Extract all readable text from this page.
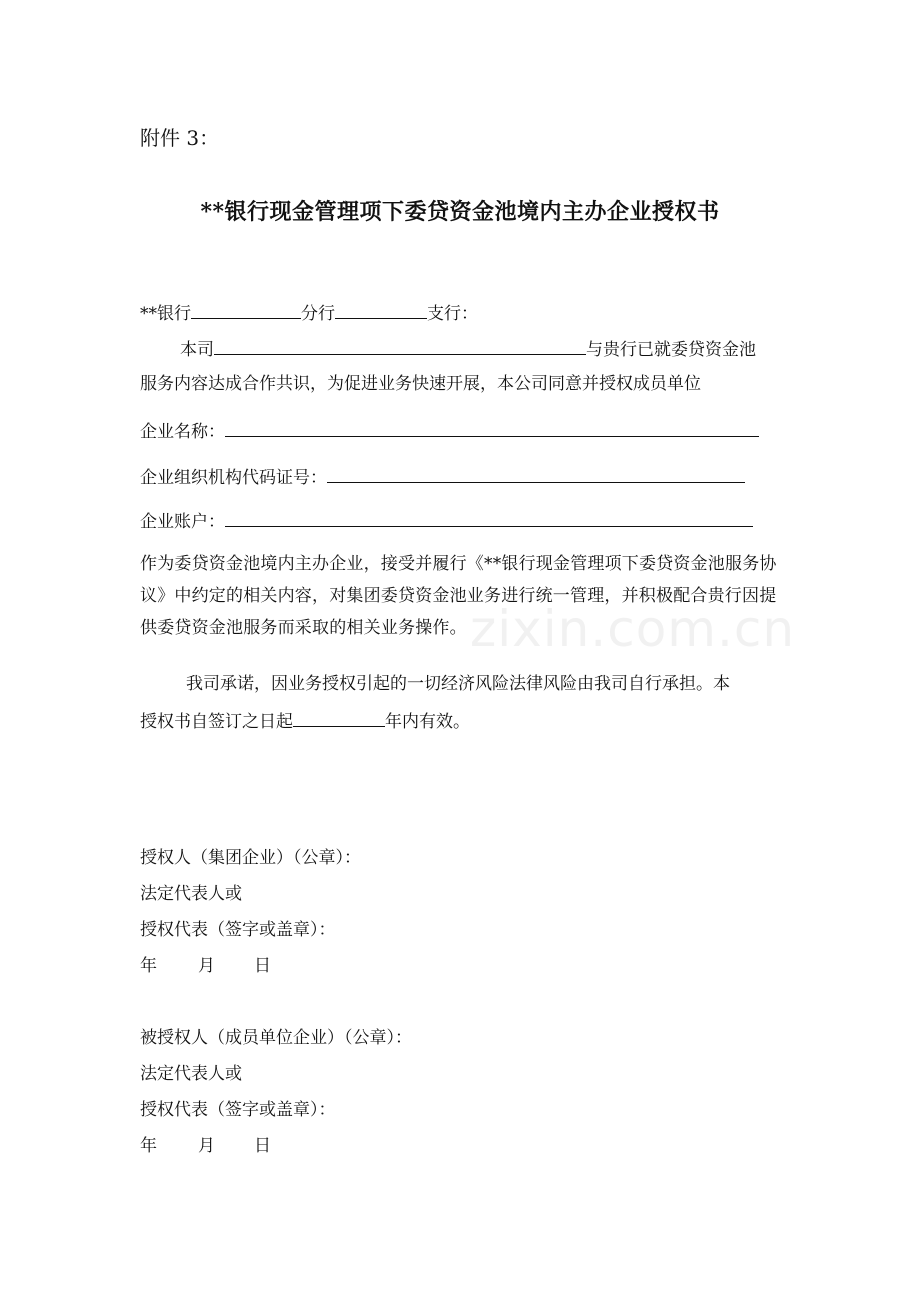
附件 3：
**银行现金管理项下委贷资金池境内主办企业授权书
**银行	分行	支行：
本司	与贵行已就委贷资金池
服务内容达成合作共识，为促进业务快速开展，本公司同意并授权成员单位
企业名称：
企业组织机构代码证号：
企业账户：
作为委贷资金池境内主办企业，接受并履行《**银行现金管理项下委贷资金池服务协议》中约定的相关内容，对集团委贷资金池业务进行统一管理，并积极配合贵行因提供委贷资金池服务而采取的相关业务操作。
我司承诺，因业务授权引起的一切经济风险法律风险由我司自行承担。本
授权书自签订之日起	年内有效。
授权人（集团企业）（公章）：
法定代表人或
授权代表（签字或盖章）：
年 月 日
被授权人（成员单位企业）（公章）：
法定代表人或
授权代表（签字或盖章）：
年 月 日
zixin.com.cn
